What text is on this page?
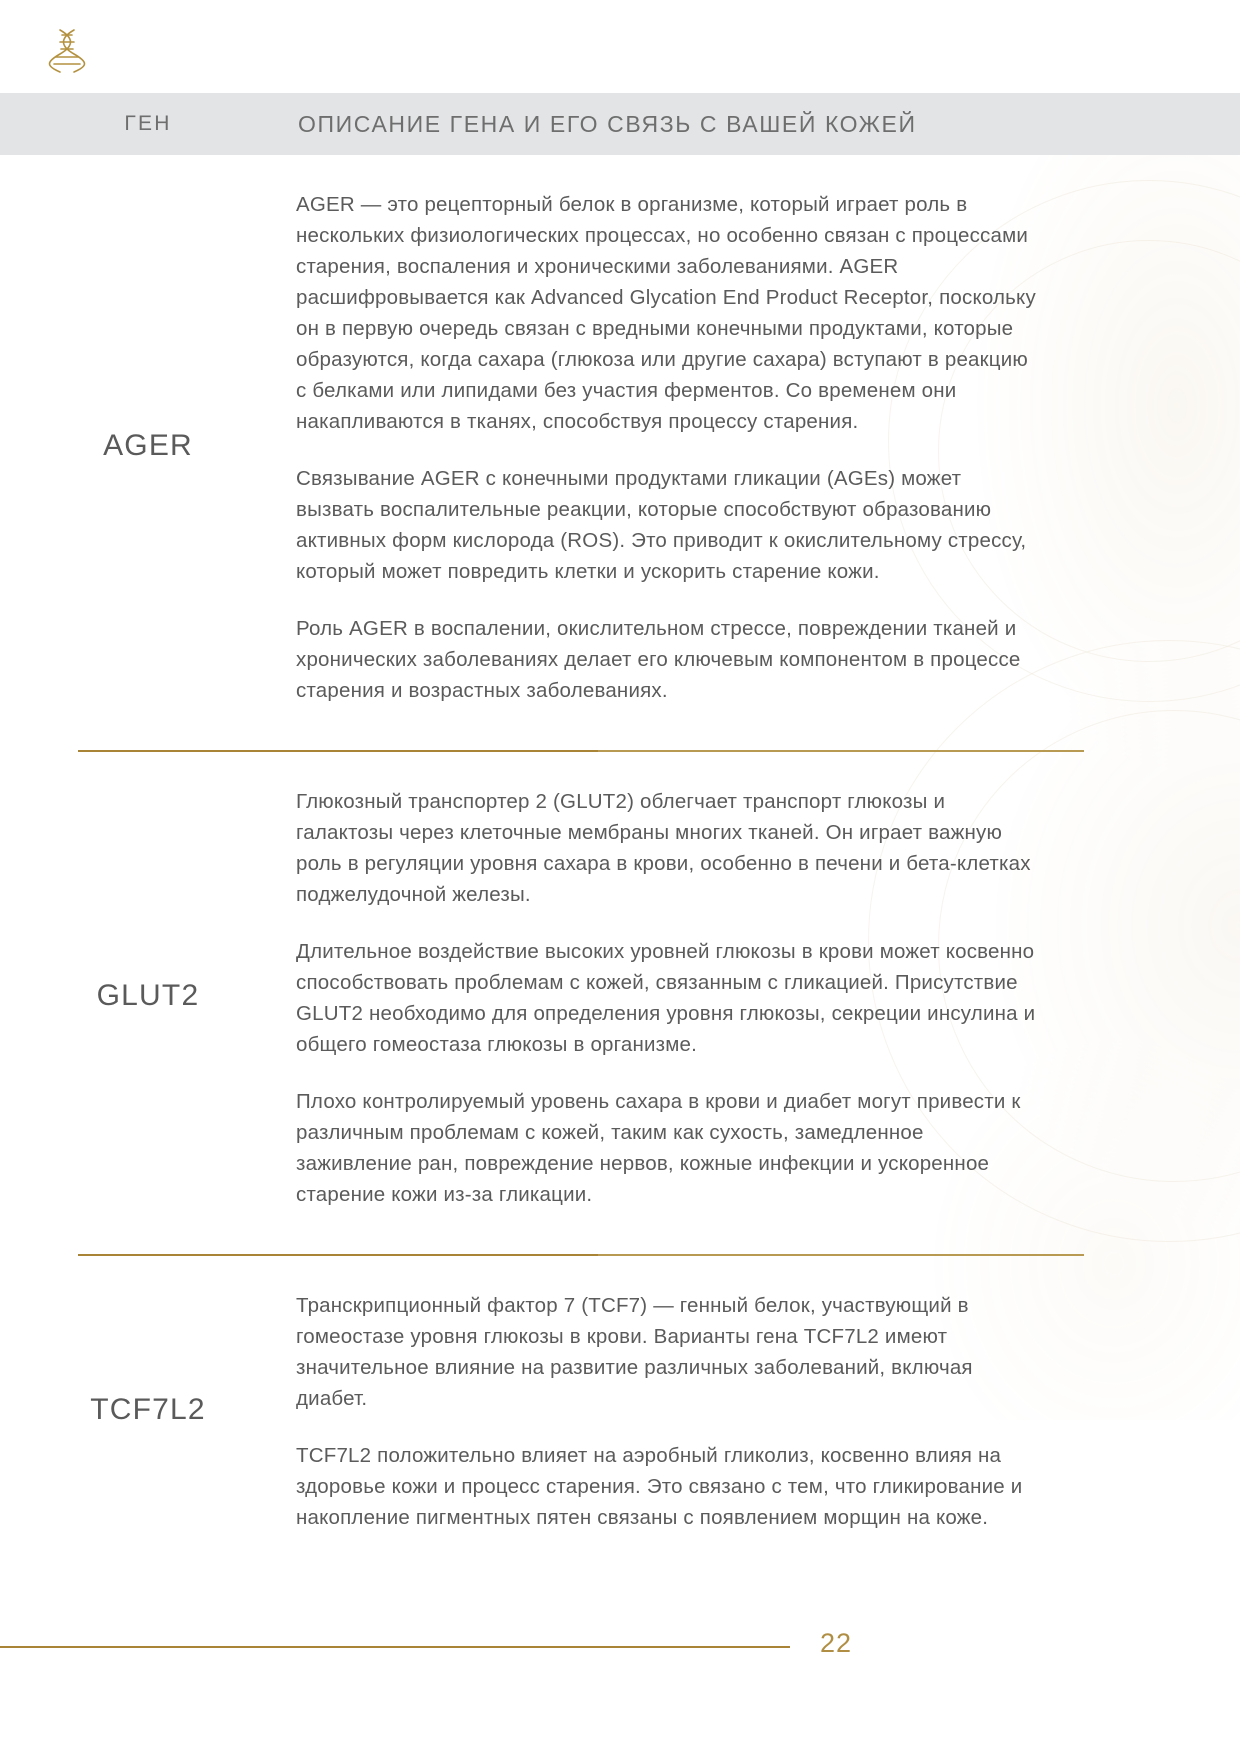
ГЕН	ОПИСАНИЕ ГЕНА И ЕГО СВЯЗЬ С ВАШЕЙ КОЖЕЙ
AGER

AGER — это рецепторный белок в организме, который играет роль в нескольких физиологических процессах, но особенно связан с процессами старения, воспаления и хроническими заболеваниями. AGER расшифровывается как Advanced Glycation End Product Receptor, поскольку он в первую очередь связан с вредными конечными продуктами, которые образуются, когда сахара (глюкоза или другие сахара) вступают в реакцию с белками или липидами без участия ферментов. Со временем они накапливаются в тканях, способствуя процессу старения.

Связывание AGER с конечными продуктами гликации (AGEs) может вызвать воспалительные реакции, которые способствуют образованию активных форм кислорода (ROS). Это приводит к окислительному стрессу, который может повредить клетки и ускорить старение кожи.

Роль AGER в воспалении, окислительном стрессе, повреждении тканей и хронических заболеваниях делает его ключевым компонентом в процессе старения и возрастных заболеваниях.

GLUT2

Глюкозный транспортер 2 (GLUT2) облегчает транспорт глюкозы и галактозы через клеточные мембраны многих тканей. Он играет важную роль в регуляции уровня сахара в крови, особенно в печени и бета-клетках поджелудочной железы.

Длительное воздействие высоких уровней глюкозы в крови может косвенно способствовать проблемам с кожей, связанным с гликацией. Присутствие GLUT2 необходимо для определения уровня глюкозы, секреции инсулина и общего гомеостаза глюкозы в организме.

Плохо контролируемый уровень сахара в крови и диабет могут привести к различным проблемам с кожей, таким как сухость, замедленное заживление ран, повреждение нервов, кожные инфекции и ускоренное старение кожи из-за гликации.

TCF7L2

Транскрипционный фактор 7 (TCF7) — генный белок, участвующий в гомеостазе уровня глюкозы в крови. Варианты гена TCF7L2 имеют значительное влияние на развитие различных заболеваний, включая диабет.

TCF7L2 положительно влияет на аэробный гликолиз, косвенно влияя на здоровье кожи и процесс старения. Это связано с тем, что гликирование и накопление пигментных пятен связаны с появлением морщин на коже.

22
